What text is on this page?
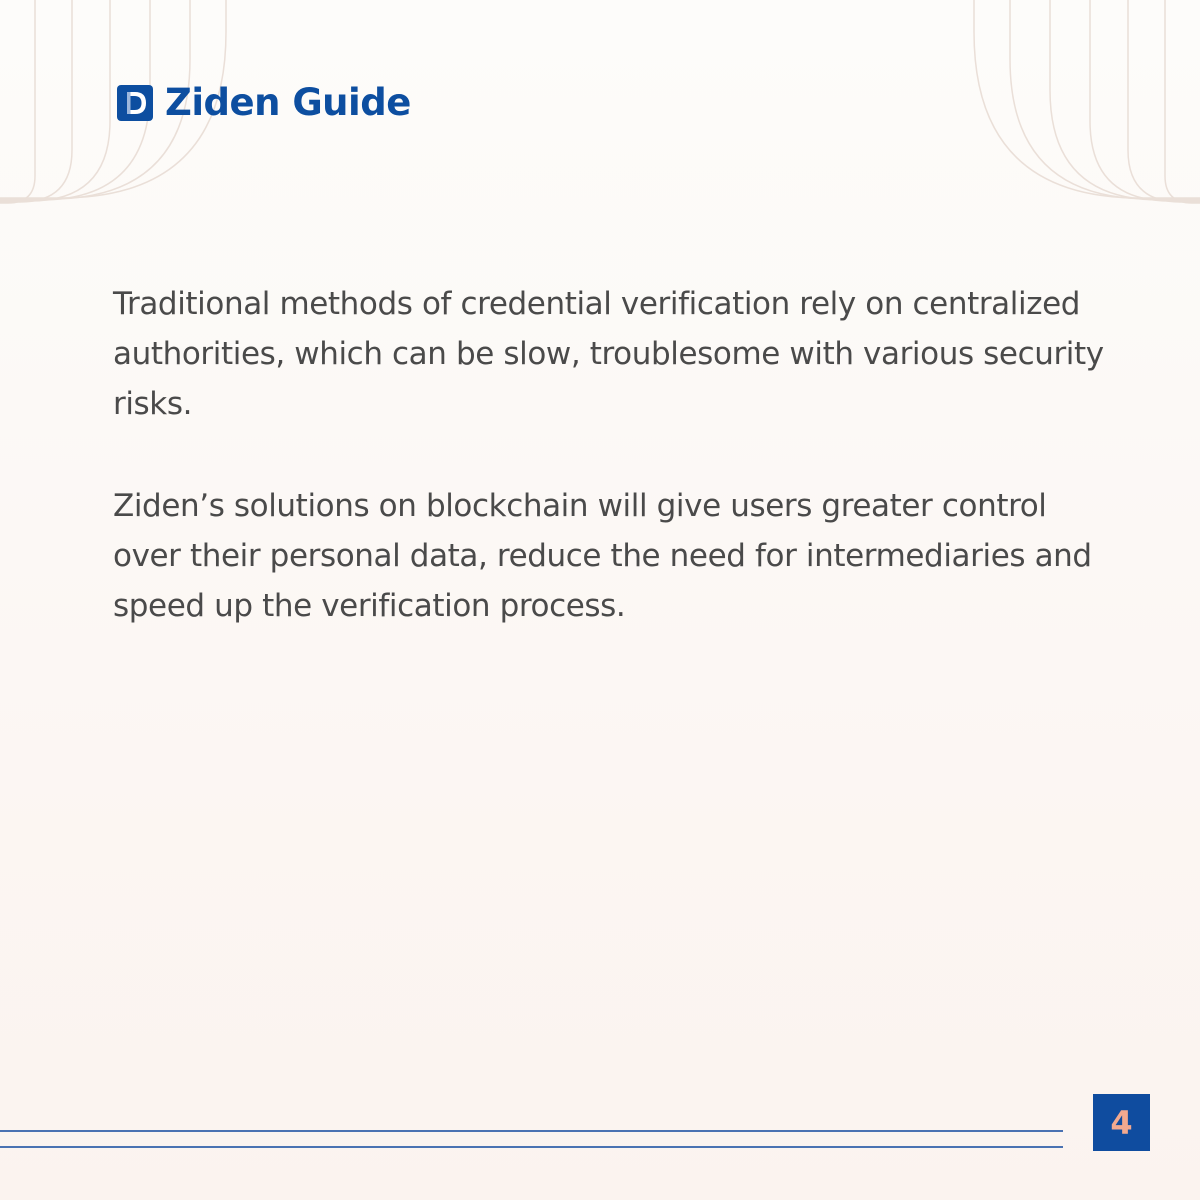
Ziden Guide

Traditional methods of credential verification rely on centralized authorities, which can be slow, troublesome with various security risks.

Ziden’s solutions on blockchain will give users greater control over their personal data, reduce the need for intermediaries and speed up the verification process.

4
